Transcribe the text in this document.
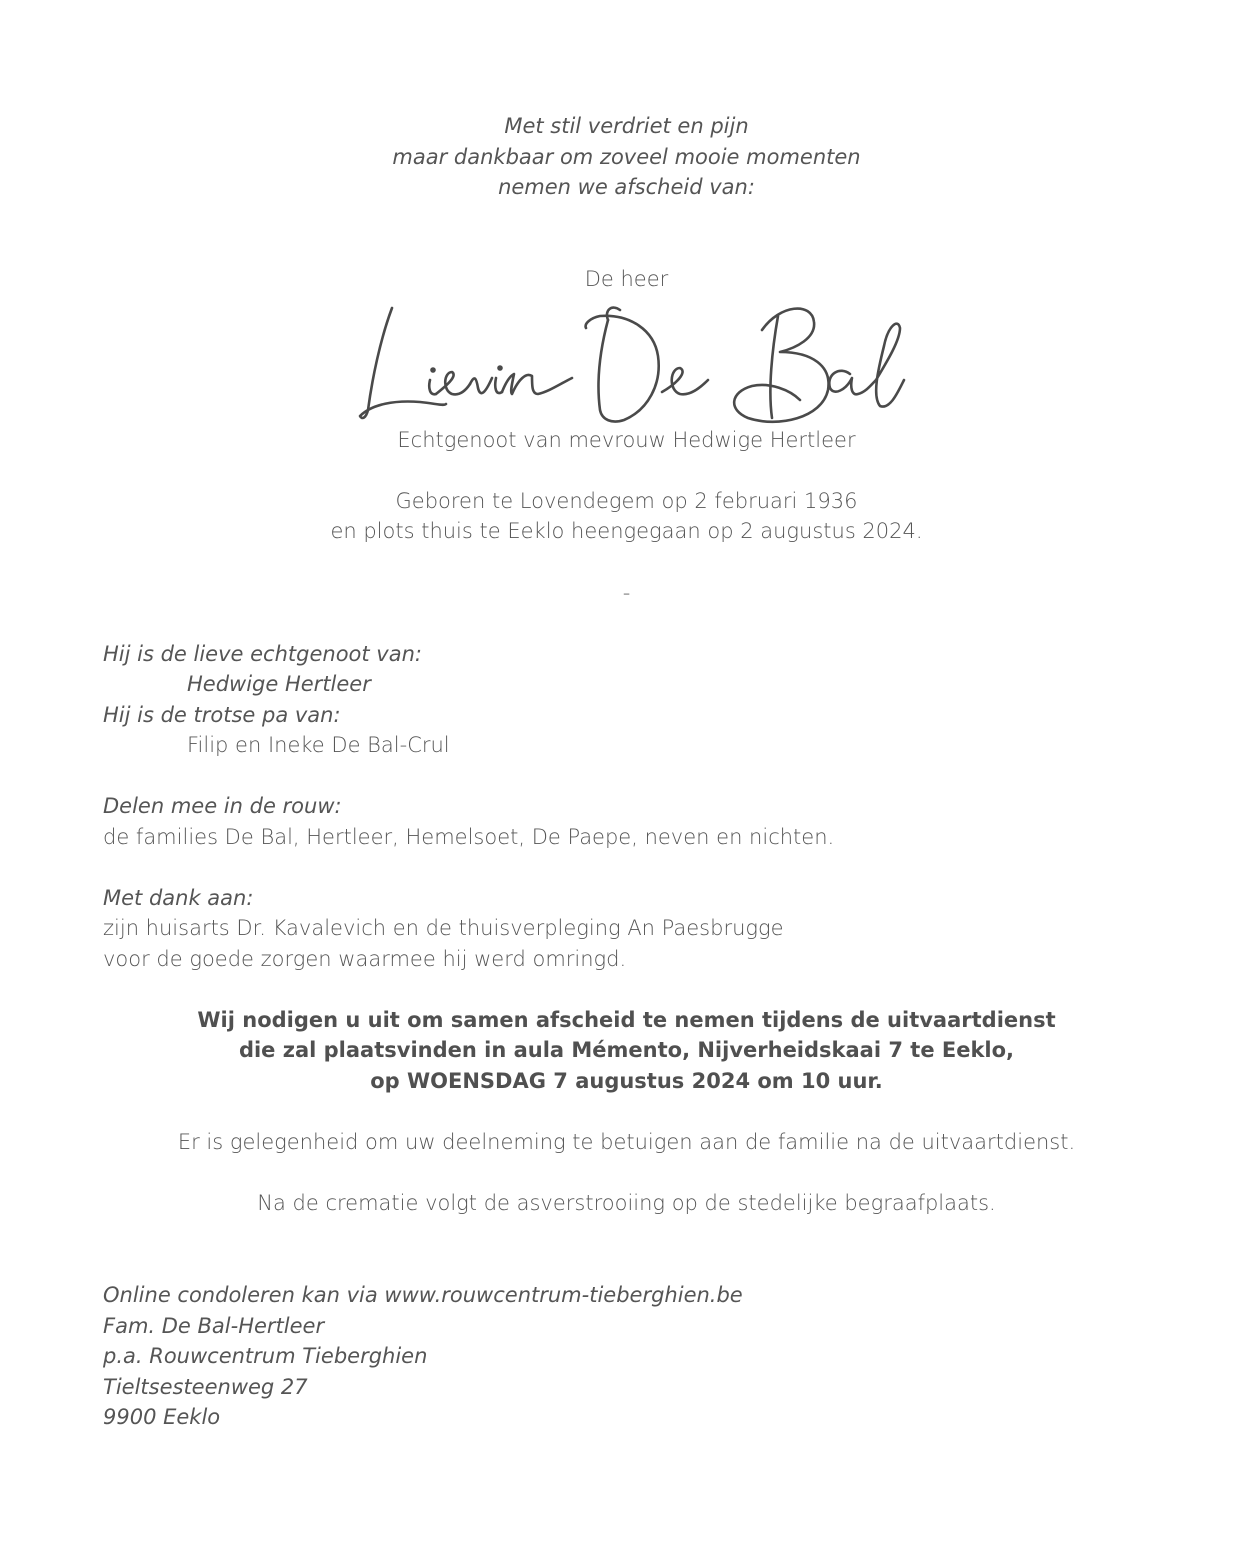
Met stil verdriet en pijn
maar dankbaar om zoveel mooie momenten
nemen we afscheid van:
De heer
Echtgenoot van mevrouw Hedwige Hertleer
Geboren te Lovendegem op 2 februari 1936
en plots thuis te Eeklo heengegaan op 2 augustus 2024.
-
Hij is de lieve echtgenoot van:
Hedwige Hertleer
Hij is de trotse pa van:
Filip en Ineke De Bal-Crul
Delen mee in de rouw:
de families De Bal, Hertleer, Hemelsoet, De Paepe, neven en nichten.
Met dank aan:
zijn huisarts Dr. Kavalevich en de thuisverpleging An Paesbrugge
voor de goede zorgen waarmee hij werd omringd.
Wij nodigen u uit om samen afscheid te nemen tijdens de uitvaartdienst
die zal plaatsvinden in aula Mémento, Nijverheidskaai 7 te Eeklo,
op WOENSDAG 7 augustus 2024 om 10 uur.
Er is gelegenheid om uw deelneming te betuigen aan de familie na de uitvaartdienst.
Na de crematie volgt de asverstrooiing op de stedelijke begraafplaats.
Online condoleren kan via www.rouwcentrum-tieberghien.be
Fam. De Bal-Hertleer
p.a. Rouwcentrum Tieberghien
Tieltsesteenweg 27
9900 Eeklo
